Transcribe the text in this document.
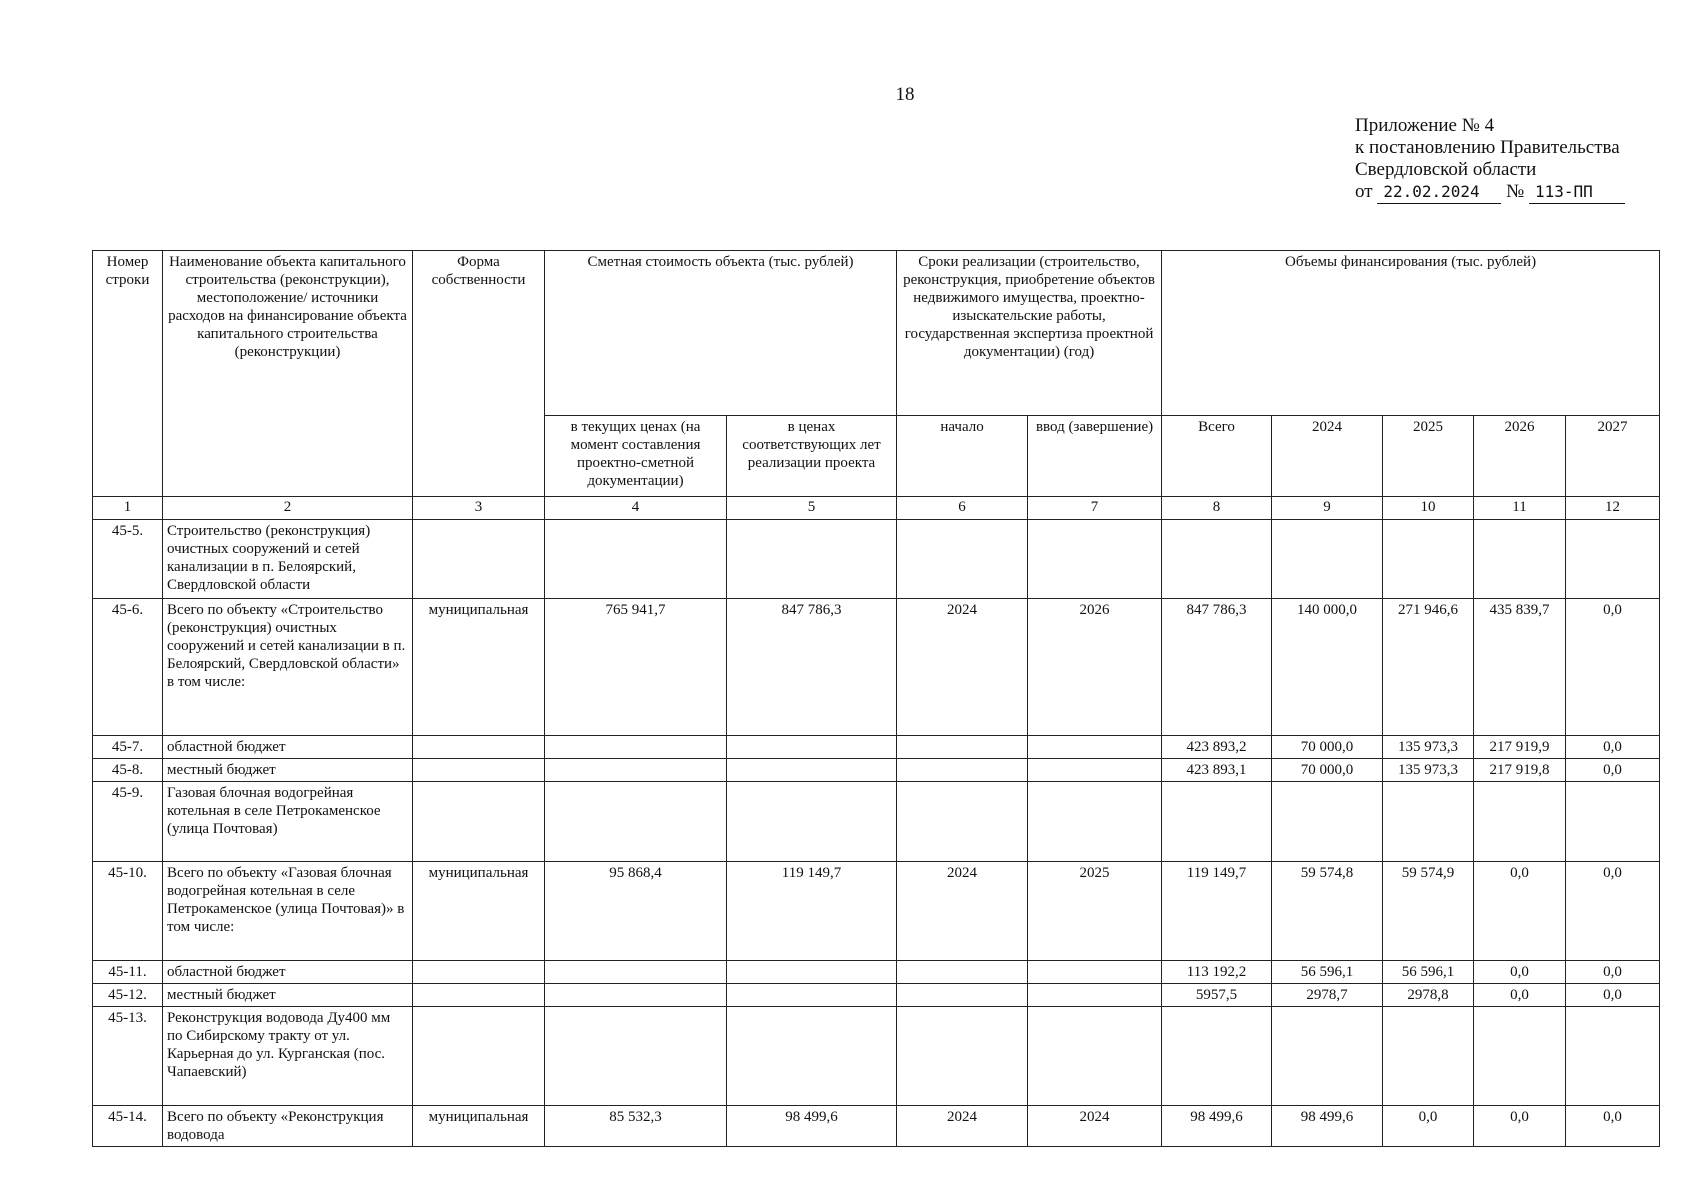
18
Приложение № 4
к постановлению Правительства
Свердловской области
от 22.02.2024 № 113-ПП
Номер строки	Наименование объекта капитального строительства (реконструкции), местоположение/ источники расходов на финансирование объекта капитального строительства (реконструкции)	Форма собственности	Сметная стоимость объекта (тыс. рублей)		Сроки реализации (строительство, реконструкция, приобретение объектов недвижимого имущества, проектно-изыскательские работы, государственная экспертиза проектной документации) (год)		Объемы финансирования (тыс. рублей)				
			в текущих ценах (на момент составления проектно-сметной документации)	в ценах соответствующих лет реализации проекта	начало	ввод (завершение)	Всего	2024	2025	2026	2027
1	2	3	4	5	6	7	8	9	10	11	12
45-5.	Строительство (реконструкция) очистных сооружений и сетей канализации в п. Белоярский, Свердловской области										
45-6.	Всего по объекту «Строительство (реконструкция) очистных сооружений и сетей канализации в п. Белоярский, Свердловской области» в том числе:	муниципальная	765 941,7	847 786,3	2024	2026	847 786,3	140 000,0	271 946,6	435 839,7	0,0
45-7.	областной бюджет						423 893,2	70 000,0	135 973,3	217 919,9	0,0
45-8.	местный бюджет						423 893,1	70 000,0	135 973,3	217 919,8	0,0
45-9.	Газовая блочная водогрейная котельная в селе Петрокаменское (улица Почтовая)										
45-10.	Всего по объекту «Газовая блочная водогрейная котельная в селе Петрокаменское (улица Почтовая)» в том числе:	муниципальная	95 868,4	119 149,7	2024	2025	119 149,7	59 574,8	59 574,9	0,0	0,0
45-11.	областной бюджет						113 192,2	56 596,1	56 596,1	0,0	0,0
45-12.	местный бюджет						5957,5	2978,7	2978,8	0,0	0,0
45-13.	Реконструкция водовода Ду400 мм по Сибирскому тракту от ул. Карьерная до ул. Курганская (пос. Чапаевский)										
45-14.	Всего по объекту «Реконструкция водовода	муниципальная	85 532,3	98 499,6	2024	2024	98 499,6	98 499,6	0,0	0,0	0,0
